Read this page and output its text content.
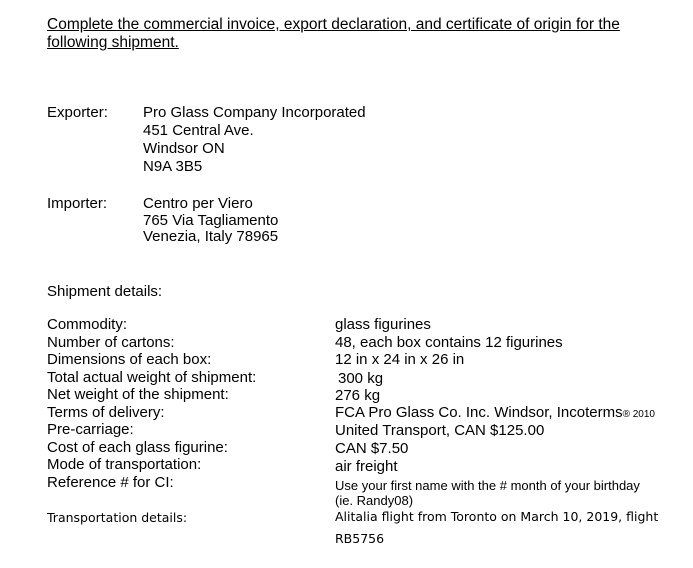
Complete the commercial invoice, export declaration, and certificate of origin for the following shipment.
Exporter: Pro Glass Company Incorporated
451 Central Ave.
Windsor ON
N9A 3B5
Importer: Centro per Viero
765 Via Tagliamento
Venezia, Italy 78965
Shipment details:
Commodity:
Number of cartons:
Dimensions of each box:
Total actual weight of shipment:
Net weight of the shipment:
Terms of delivery:
Pre-carriage:
Cost of each glass figurine:
Mode of transportation:
Reference # for CI:
glass figurines
48, each box contains 12 figurines
12 in x 24 in x 26 in
300 kg
276 kg
FCA Pro Glass Co. Inc. Windsor, Incoterms® 2010
United Transport, CAN $125.00
CAN $7.50
air freight
Use your first name with the # month of your birthday
(ie. Randy08)
Transportation details:	Alitalia flight from Toronto on March 10, 2019, flight
RB5756
